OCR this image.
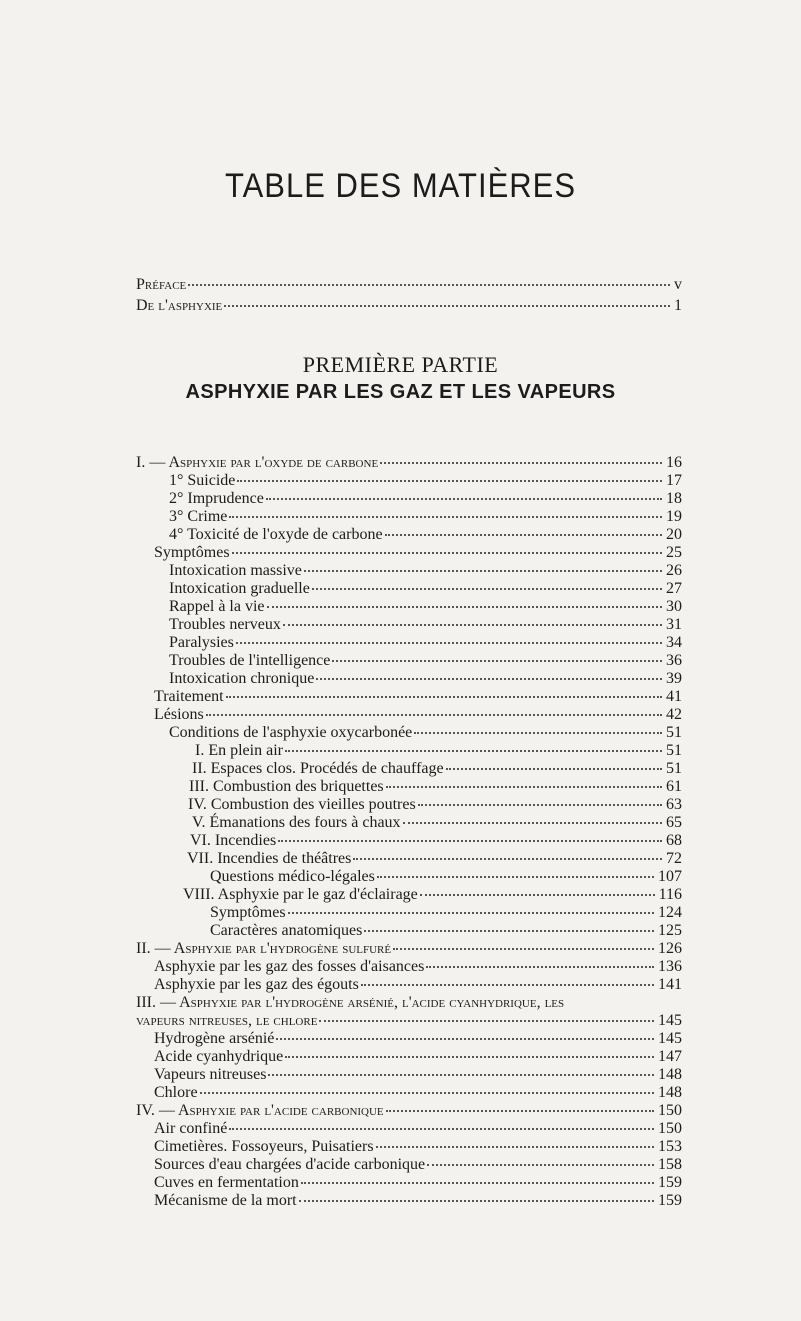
TABLE DES MATIÈRES
PREMIÈRE PARTIE
ASPHYXIE PAR LES GAZ ET LES VAPEURS
Préface	v
De l'asphyxie	1
I. — Asphyxie par l'oxyde de carbone	16
1° Suicide	17
2° Imprudence	18
3° Crime	19
4° Toxicité de l'oxyde de carbone	20
Symptômes	25
Intoxication massive	26
Intoxication graduelle	27
Rappel à la vie	30
Troubles nerveux	31
Paralysies	34
Troubles de l'intelligence	36
Intoxication chronique	39
Traitement	41
Lésions	42
Conditions de l'asphyxie oxycarbonée	51
I. En plein air	51
II. Espaces clos. Procédés de chauffage	51
III. Combustion des briquettes	61
IV. Combustion des vieilles poutres	63
V. Émanations des fours à chaux	65
VI. Incendies	68
VII. Incendies de théâtres	72
Questions médico-légales	107
VIII. Asphyxie par le gaz d'éclairage	116
Symptômes	124
Caractères anatomiques	125
II. — Asphyxie par l'hydrogène sulfuré	126
Asphyxie par les gaz des fosses d'aisances	136
Asphyxie par les gaz des égouts	141
III. — Asphyxie par l'hydrogène arsénié, l'acide cyanhydrique, les
vapeurs nitreuses, le chlore	145
Hydrogène arsénié	145
Acide cyanhydrique	147
Vapeurs nitreuses	148
Chlore	148
IV. — Asphyxie par l'acide carbonique	150
Air confiné	150
Cimetières. Fossoyeurs, Puisatiers	153
Sources d'eau chargées d'acide carbonique	158
Cuves en fermentation	159
Mécanisme de la mort	159
